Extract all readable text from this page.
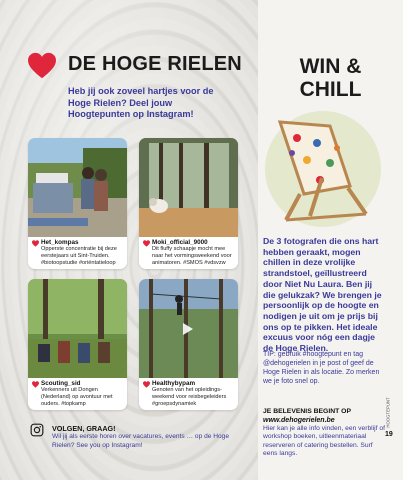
DE HOGE RIELEN
Heb jij ook zoveel hartjes voor de Hoge Rielen? Deel jouw Hoogtepunten op Instagram!
Het_kompas
Opperste concentratie bij deze eerstejaars uit Sint-Truiden. #biotoopstudie #oriëntatieloop
Moki_official_9000
Dit fluffy schaapje mocht mee naar het vormingsweekend voor animatoren. #SMOS #vdsvzw
Scouting_sid
Verkenners uit Dongen (Nederland) op avontuur met ouders. #topkamp
Healthybypam
Genoten van het opleidings-weekend voor reisbegeleiders #groepsdynamiek
VOLGEN, GRAAG!
Wil jij als eerste horen over vacatures, events … op de Hoge Rielen? See you op Instagram!
WIN &
CHILL
De 3 fotografen die ons hart hebben geraakt, mogen chillen in deze vrolijke strandstoel, geïllustreerd door Niet Nu Laura. Ben jij die gelukzak? We brengen je persoonlijk op de hoogte en nodigen je uit om je prijs bij ons op te pikken. Het ideale excuus voor nóg een dagje de Hoge Rielen.
TIP: gebruik #hoogtepunt en tag @dehogerielen in je post of geef de Hoge Rielen in als locatie. Zo merken we je foto snel op.
JE BELEVENIS BEGINT OP
www.dehogerielen.be
Hier kan je alle info vinden, een verblijf of workshop boeken, uitleenmateriaal reserveren of catering bestellen. Surf eens langs.
HOOGTEPUNT
19
